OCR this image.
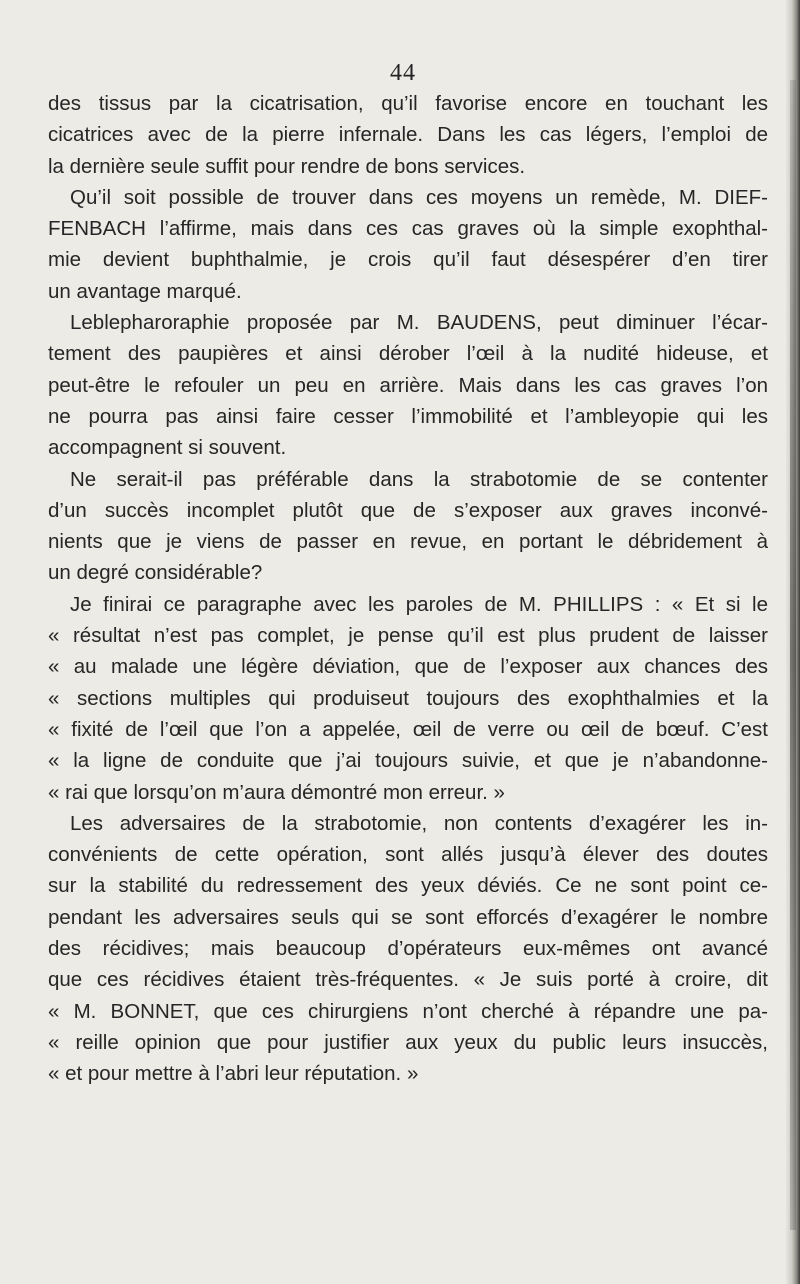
44
des tissus par la cicatrisation, qu’il favorise encore en touchant les
cicatrices avec de la pierre infernale. Dans les cas légers, l’emploi de
la dernière seule suffit pour rendre de bons services.
Qu’il soit possible de trouver dans ces moyens un remède, M. DIEF-
FENBACH l’affirme, mais dans ces cas graves où la simple exophthal-
mie devient buphthalmie, je crois qu’il faut désespérer d’en tirer
un avantage marqué.
Leblepharoraphie proposée par M. BAUDENS, peut diminuer l’écar-
tement des paupières et ainsi dérober l’œil à la nudité hideuse, et
peut-être le refouler un peu en arrière. Mais dans les cas graves l’on
ne pourra pas ainsi faire cesser l’immobilité et l’ambleyopie qui les
accompagnent si souvent.
Ne serait-il pas préférable dans la strabotomie de se contenter
d’un succès incomplet plutôt que de s’exposer aux graves inconvé-
nients que je viens de passer en revue, en portant le débridement à
un degré considérable?
Je finirai ce paragraphe avec les paroles de M. PHILLIPS : « Et si le
« résultat n’est pas complet, je pense qu’il est plus prudent de laisser
« au malade une légère déviation, que de l’exposer aux chances des
« sections multiples qui produiseut toujours des exophthalmies et la
« fixité de l’œil que l’on a appelée, œil de verre ou œil de bœuf. C’est
« la ligne de conduite que j’ai toujours suivie, et que je n’abandonne-
« rai que lorsqu’on m’aura démontré mon erreur. »
Les adversaires de la strabotomie, non contents d’exagérer les in-
convénients de cette opération, sont allés jusqu’à élever des doutes
sur la stabilité du redressement des yeux déviés. Ce ne sont point ce-
pendant les adversaires seuls qui se sont efforcés d’exagérer le nombre
des récidives; mais beaucoup d’opérateurs eux-mêmes ont avancé
que ces récidives étaient très-fréquentes. « Je suis porté à croire, dit
« M. BONNET, que ces chirurgiens n’ont cherché à répandre une pa-
« reille opinion que pour justifier aux yeux du public leurs insuccès,
« et pour mettre à l’abri leur réputation. »
